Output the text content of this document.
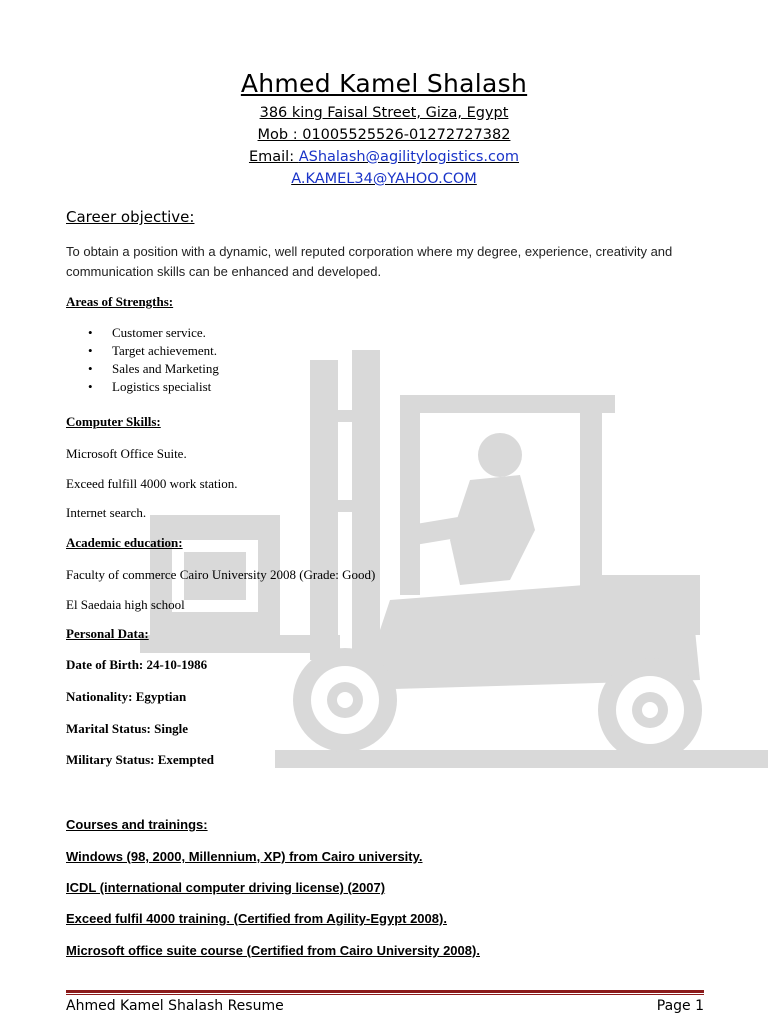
Ahmed Kamel Shalash
386 king Faisal Street, Giza, Egypt
Mob : 01005525526-01272727382
Email: AShalash@agilitylogistics.com
A.KAMEL34@YAHOO.COM
Career objective:
To obtain a position with a dynamic, well reputed corporation where my degree, experience, creativity and communication skills can be enhanced and developed.
Areas of Strengths:
• Customer service.
• Target achievement.
• Sales and Marketing
• Logistics specialist
Computer Skills:
Microsoft Office Suite.
Exceed fulfill 4000 work station.
Internet search.
Academic education:
Faculty of commerce Cairo University 2008 (Grade: Good)
El Saedaia high school
Personal Data:
Date of Birth: 24-10-1986
Nationality: Egyptian
Marital Status: Single
Military Status: Exempted
Courses and trainings:
Windows (98, 2000, Millennium, XP) from Cairo university.
ICDL (international computer driving license) (2007)
Exceed fulfil 4000 training. (Certified from Agility-Egypt 2008).
Microsoft office suite course (Certified from Cairo University 2008).
Ahmed Kamel Shalash Resume	Page 1
